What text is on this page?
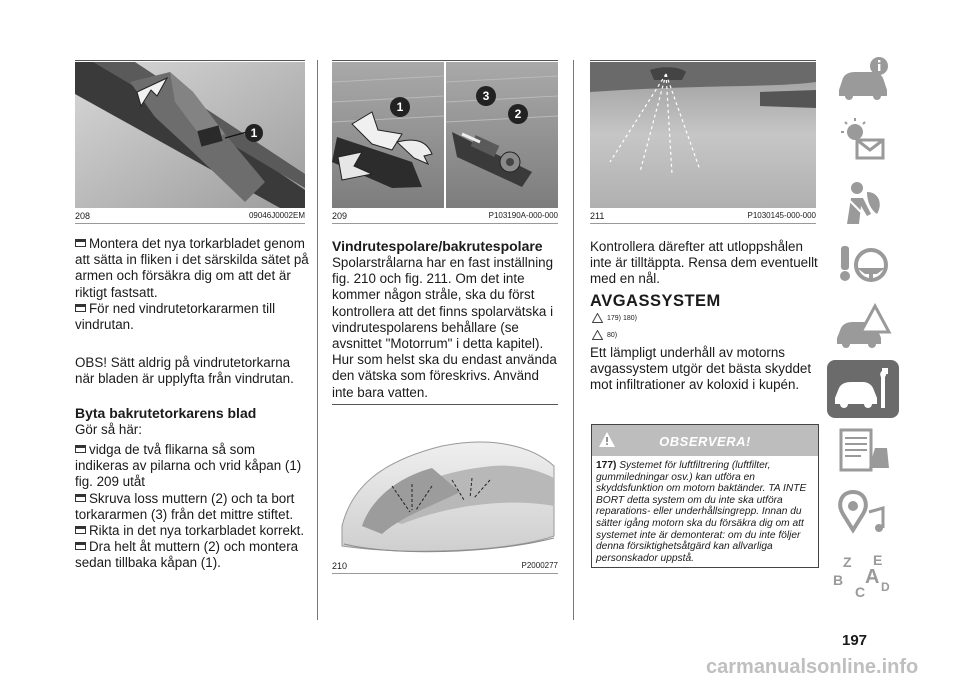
1
208	09046J0002EM
Montera det nya torkarbladet genom att sätta in fliken i det särskilda sätet på armen och försäkra dig om att det är riktigt fastsatt.
För ned vindrutetorkararmen till vindrutan.
OBS! Sätt aldrig på vindrutetorkarna när bladen är upplyfta från vindrutan.
Byta bakrutetorkarens blad
Gör så här:
vidga de två flikarna så som indikeras av pilarna och vrid kåpan (1) fig. 209 utåt
Skruva loss muttern (2) och ta bort torkararmen (3) från det mittre stiftet.
Rikta in det nya torkarbladet korrekt.
Dra helt åt muttern (2) och montera sedan tillbaka kåpan (1).
1
3
2
209	P103190A-000-000
Vindrutespolare/bakrutespolare
Spolarstrålarna har en fast inställning fig. 210 och fig. 211. Om det inte kommer någon stråle, ska du först kontrollera att det finns spolarvätska i vindrutespolarens behållare (se avsnittet "Motorrum" i detta kapitel). Hur som helst ska du endast använda den vätska som föreskrivs. Använd inte bara vatten.
210	P2000277
211	P1030145-000-000
Kontrollera därefter att utloppshålen inte är tilltäppta. Rensa dem eventuellt med en nål.
AVGASSYSTEM
179) 180)
80)
Ett lämpligt underhåll av motorns avgassystem utgör det bästa skyddet mot infiltrationer av koloxid i kupén.
OBSERVERA!
177) Systemet för luftfiltrering (luftfilter, gummiledningar osv.) kan utföra en skyddsfunktion om motorn baktänder. TA INTE BORT detta system om du inte ska utföra reparations- eller underhållsingrepp. Innan du sätter igång motorn ska du försäkra dig om att systemet inte är demonterat: om du inte följer denna försiktighetsåtgärd kan allvarliga personskador uppstå.	Z E
B A
C D
197
carmanualsonline.info
